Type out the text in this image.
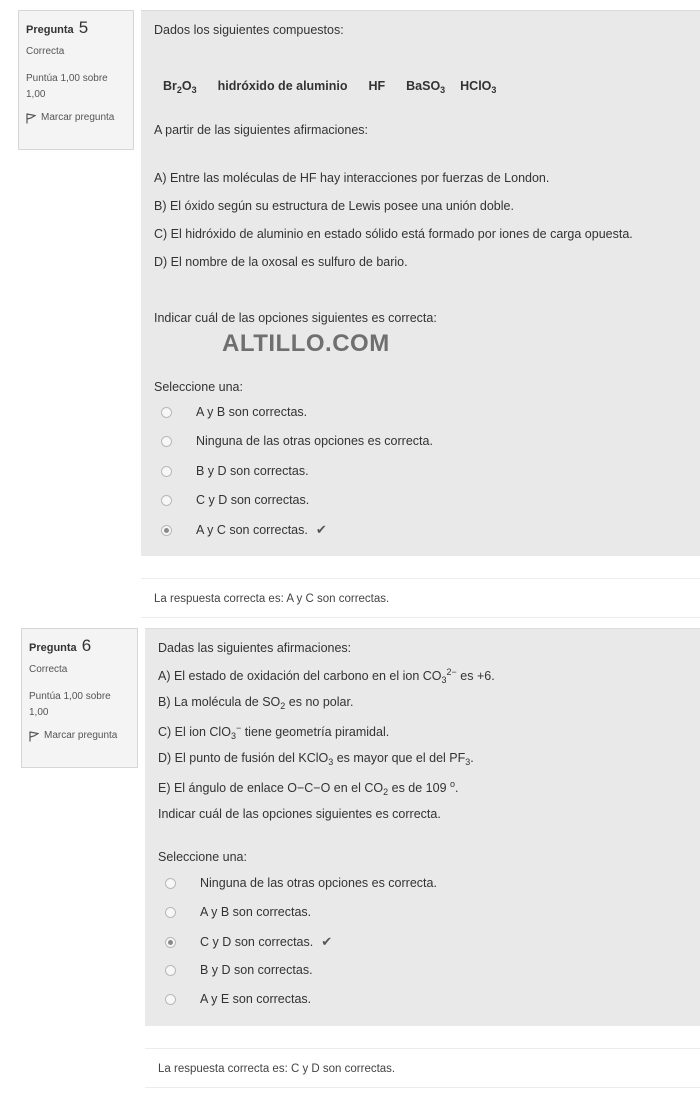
Pregunta 5
Correcta
Puntúa 1,00 sobre 1,00
Marcar pregunta
Dados los siguientes compuestos:
$Br_2O_3$ hidróxido de aluminio HF BaSO$_3$ HClO$_3$
A partir de las siguientes afirmaciones:
A) Entre las moléculas de HF hay interacciones por fuerzas de London.
B) El óxido según su estructura de Lewis posee una unión doble.
C) El hidróxido de aluminio en estado sólido está formado por iones de carga opuesta.
D) El nombre de la oxosal es sulfuro de bario.
Indicar cuál de las opciones siguientes es correcta:
Seleccione una:
A y B son correctas.
Ninguna de las otras opciones es correcta.
B y D son correctas.
C y D son correctas.
A y C son correctas. ✔
ALTILLO.COM
La respuesta correcta es: A y C son correctas.
Pregunta 6
Correcta
Puntúa 1,00 sobre 1,00
Marcar pregunta
Dadas las siguientes afirmaciones:
A) El estado de oxidación del carbono en el ion $CO_3^{2-}$ es +6.
B) La molécula de $SO_2$ es no polar.
C) El ion ClO$_3$− tiene geometría piramidal.
D) El punto de fusión del KClO$_3$ es mayor que el del $PF_3$.
E) El ángulo de enlace O−C−O en el $CO_2$ es de 109 $^o$.
Indicar cuál de las opciones siguientes es correcta.
Seleccione una:
Ninguna de las otras opciones es correcta.
A y B son correctas.
C y D son correctas. ✔
B y D son correctas.
A y E son correctas.
La respuesta correcta es: C y D son correctas.
